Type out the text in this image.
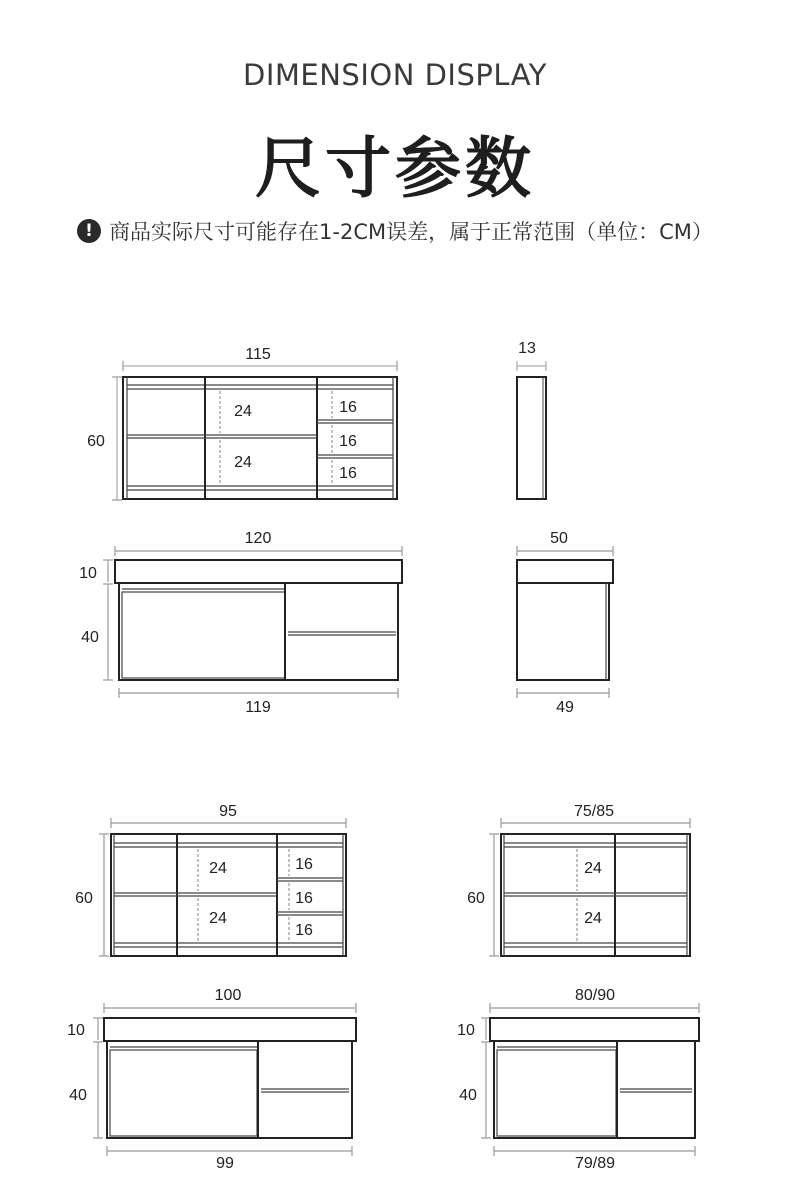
DIMENSION DISPLAY
尺寸参数
! 商品实际尺寸可能存在1-2CM误差，属于正常范围（单位：CM）
115
60
24
24
16
16
16
13
120
10
40
119
50
49
95
60
24
24
16
16
16
100
10
40
99
75/85
60
24
24
80/90
10
40
79/89
